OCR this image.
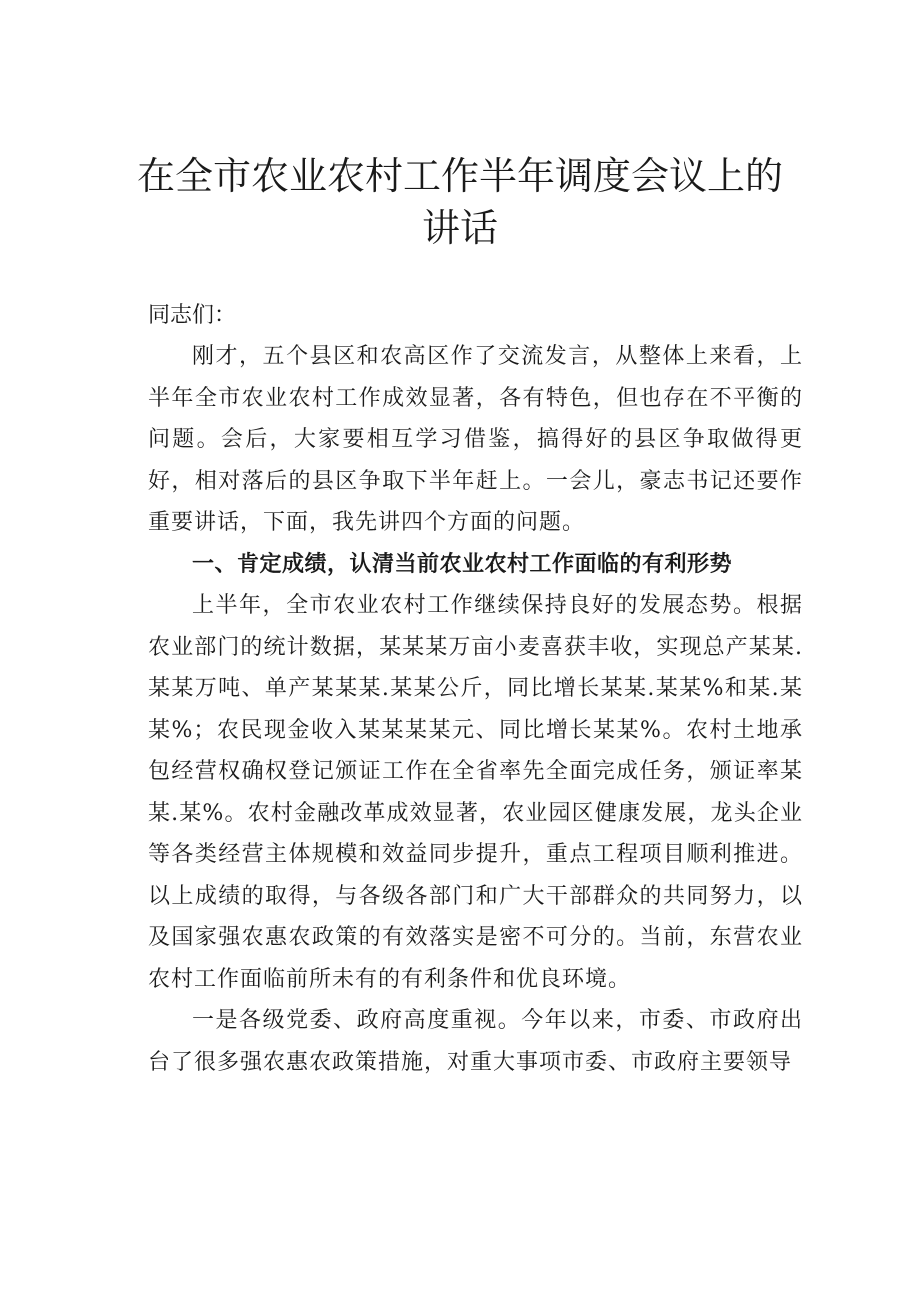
在全市农业农村工作半年调度会议上的
讲话

同志们：

刚才，五个县区和农高区作了交流发言，从整体上来看，上半年全市农业农村工作成效显著，各有特色，但也存在不平衡的问题。会后，大家要相互学习借鉴，搞得好的县区争取做得更好，相对落后的县区争取下半年赶上。一会儿，豪志书记还要作重要讲话，下面，我先讲四个方面的问题。

一、肯定成绩，认清当前农业农村工作面临的有利形势

上半年，全市农业农村工作继续保持良好的发展态势。根据农业部门的统计数据，某某某万亩小麦喜获丰收，实现总产某某.某某万吨、单产某某某.某某公斤，同比增长某某.某某%和某.某某%；农民现金收入某某某某元、同比增长某某%。农村土地承包经营权确权登记颁证工作在全省率先全面完成任务，颁证率某某.某%。农村金融改革成效显著，农业园区健康发展，龙头企业等各类经营主体规模和效益同步提升，重点工程项目顺利推进。以上成绩的取得，与各级各部门和广大干部群众的共同努力，以及国家强农惠农政策的有效落实是密不可分的。当前，东营农业农村工作面临前所未有的有利条件和优良环境。

一是各级党委、政府高度重视。今年以来，市委、市政府出台了很多强农惠农政策措施，对重大事项市委、市政府主要领导
